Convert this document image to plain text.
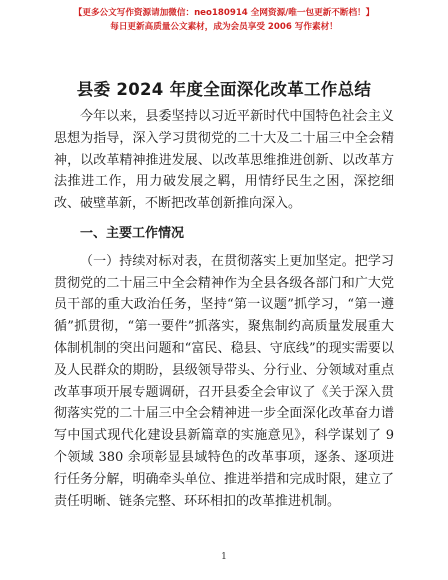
【更多公文写作资源请加微信：neo180914 全网资源/唯一包更新不断档！】
每日更新高质量公文素材，成为会员享受 2006 写作素材！
县委 2024 年度全面深化改革工作总结

今年以来，县委坚持以习近平新时代中国特色社会主义思想为指导，深入学习贯彻党的二十大及二十届三中全会精神，以改革精神推进发展、以改革思维推进创新、以改革方法推进工作，用力破发展之羁，用情纾民生之困，深挖细改、破壁革新，不断把改革创新推向深入。

一、主要工作情况

（一）持续对标对表，在贯彻落实上更加坚定。把学习贯彻党的二十届三中全会精神作为全县各级各部门和广大党员干部的重大政治任务，坚持“第一议题”抓学习，“第一遵循”抓贯彻，“第一要件”抓落实，聚焦制约高质量发展重大体制机制的突出问题和“富民、稳县、守底线”的现实需要以及人民群众的期盼，县级领导带头、分行业、分领域对重点改革事项开展专题调研，召开县委全会审议了《关于深入贯彻落实党的二十届三中全会精神进一步全面深化改革奋力谱写中国式现代化建设县新篇章的实施意见》，科学谋划了 9 个领域 380 余项彰显县域特色的改革事项，逐条、逐项进行任务分解，明确牵头单位、推进举措和完成时限，建立了责任明晰、链条完整、环环相扣的改革推进机制。

1
